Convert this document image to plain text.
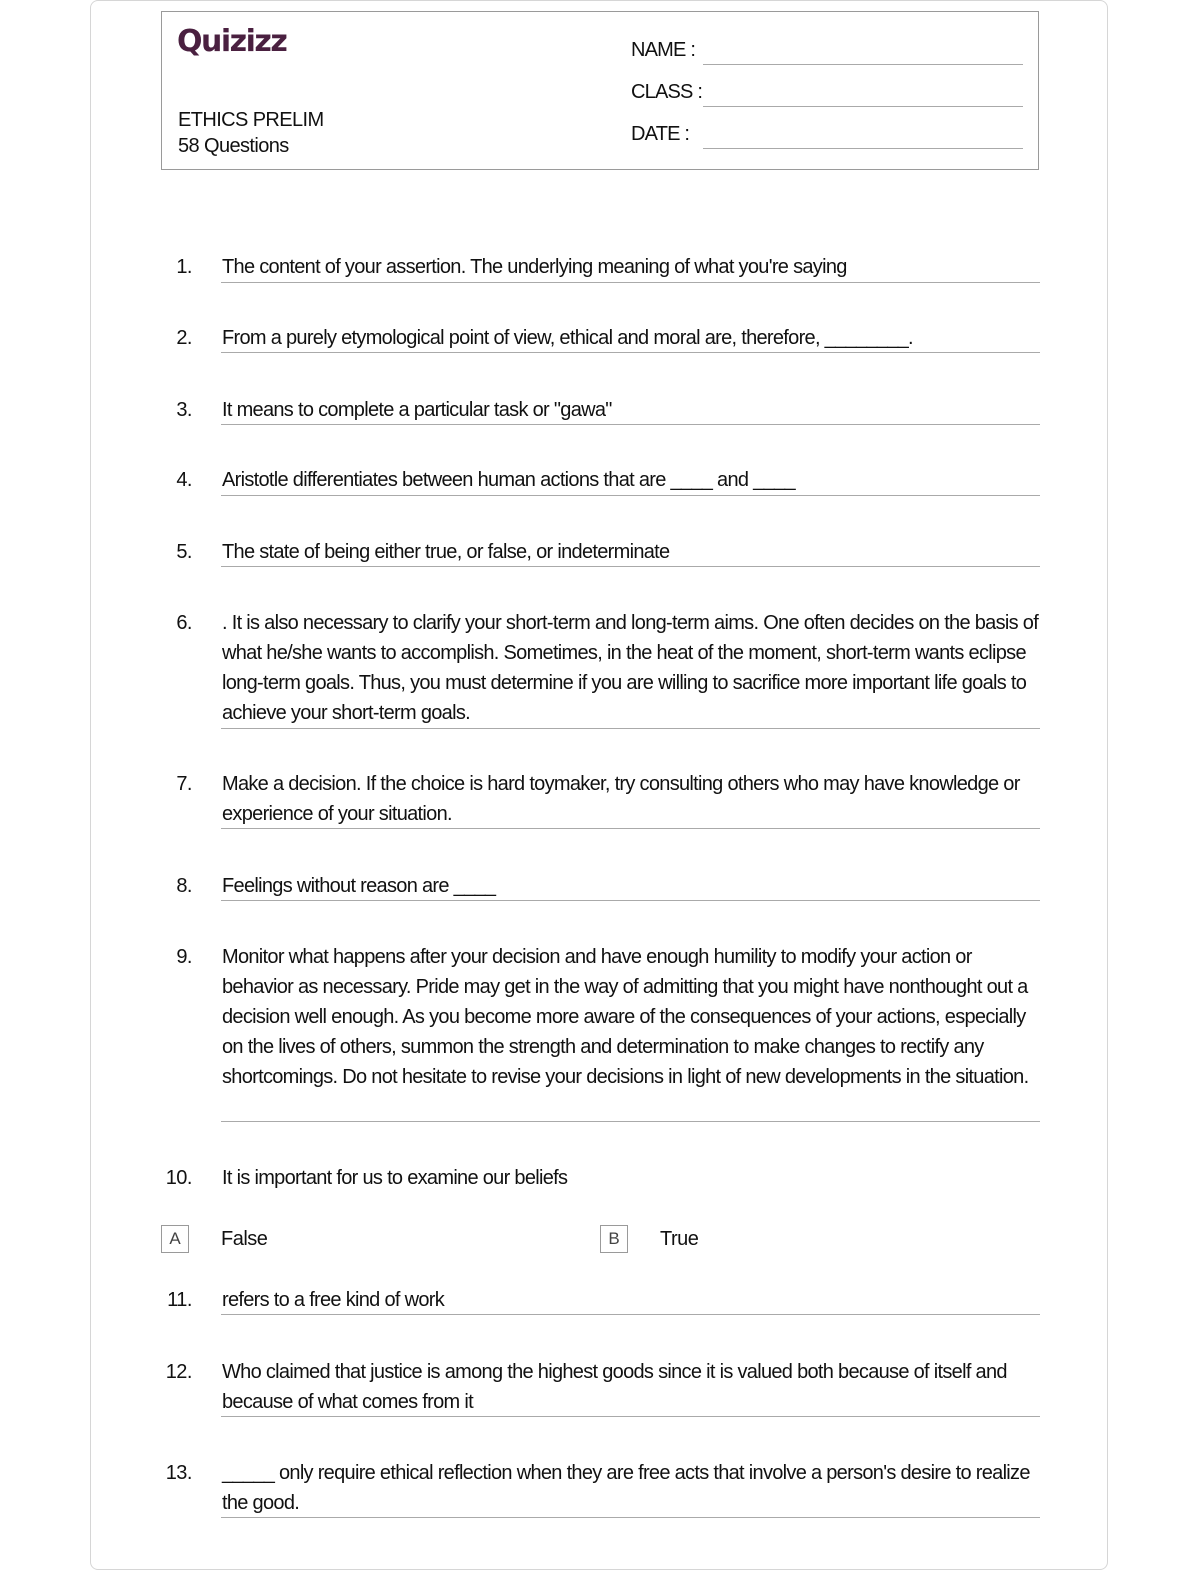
Quizizz
ETHICS PRELIM
58 Questions
NAME :
CLASS :
DATE :
1. The content of your assertion. The underlying meaning of what you're saying
2. From a purely etymological point of view, ethical and moral are, therefore, ________.
3. It means to complete a particular task or "gawa"
4. Aristotle differentiates between human actions that are ____ and ____
5. The state of being either true, or false, or indeterminate
6. . It is also necessary to clarify your short-term and long-term aims. One often decides on the basis of what he/she wants to accomplish. Sometimes, in the heat of the moment, short-term wants eclipse long-term goals. Thus, you must determine if you are willing to sacrifice more important life goals to achieve your short-term goals.
7. Make a decision. If the choice is hard toymaker, try consulting others who may have knowledge or experience of your situation.
8. Feelings without reason are ____
9. Monitor what happens after your decision and have enough humility to modify your action or behavior as necessary. Pride may get in the way of admitting that you might have nonthought out a decision well enough. As you become more aware of the consequences of your actions, especially on the lives of others, summon the strength and determination to make changes to rectify any shortcomings. Do not hesitate to revise your decisions in light of new developments in the situation.
10. It is important for us to examine our beliefs
A	False	B	True
11. refers to a free kind of work
12. Who claimed that justice is among the highest goods since it is valued both because of itself and because of what comes from it
13. _____ only require ethical reflection when they are free acts that involve a person's desire to realize the good.
